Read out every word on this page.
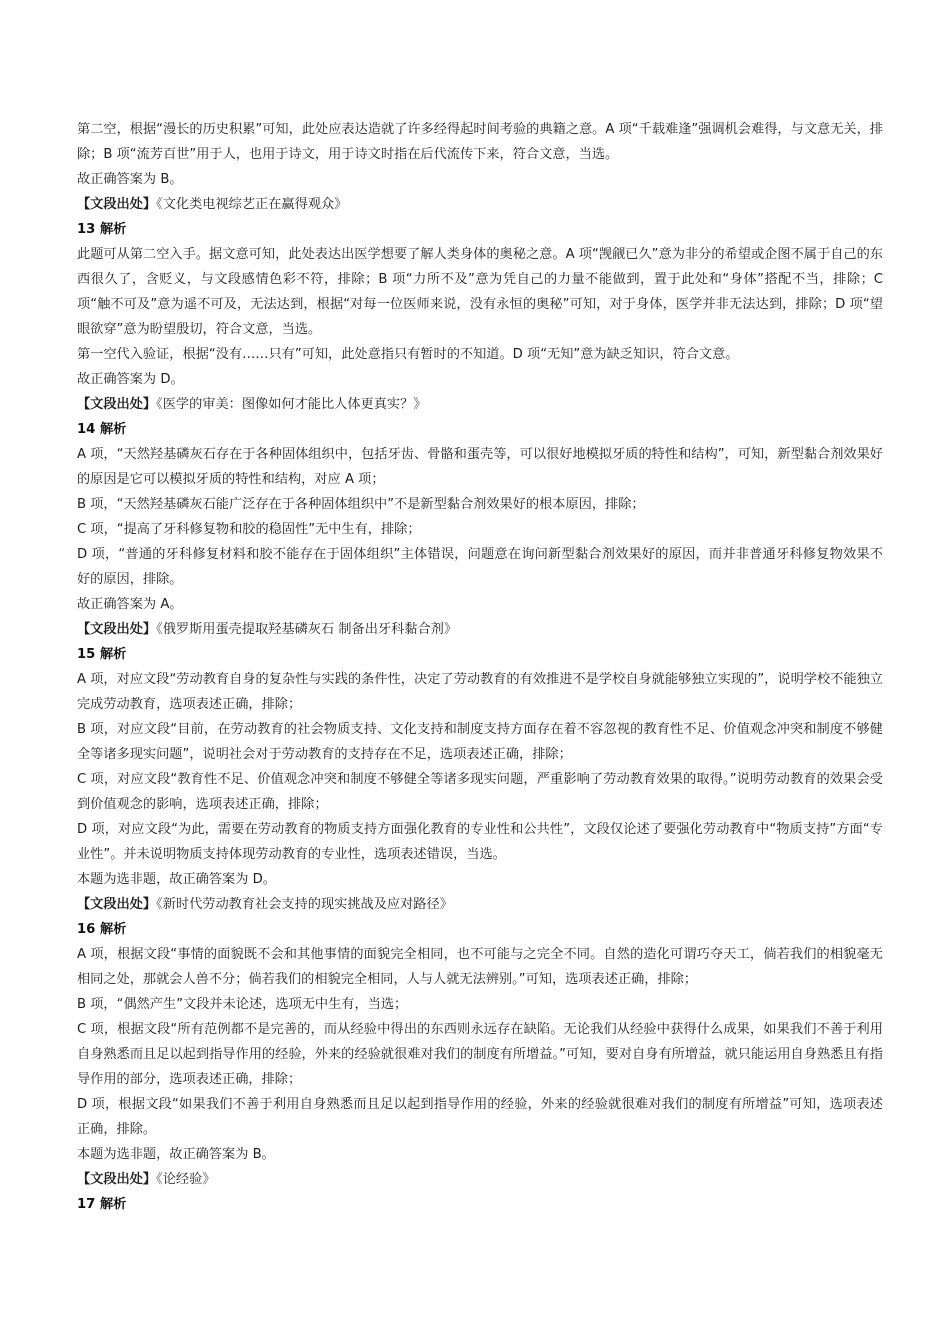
第二空，根据“漫长的历史积累”可知，此处应表达造就了许多经得起时间考验的典籍之意。A 项“千载难逢”强调机会难得，与文意无关，排除；B 项“流芳百世”用于人，也用于诗文，用于诗文时指在后代流传下来，符合文意，当选。

故正确答案为 B。

【文段出处】《文化类电视综艺正在赢得观众》

13 解析

此题可从第二空入手。据文意可知，此处表达出医学想要了解人类身体的奥秘之意。A 项“觊觎已久”意为非分的希望或企图不属于自己的东西很久了，含贬义，与文段感情色彩不符，排除；B 项“力所不及”意为凭自己的力量不能做到，置于此处和“身体”搭配不当，排除；C 项“触不可及”意为遥不可及，无法达到，根据“对每一位医师来说，没有永恒的奥秘”可知，对于身体，医学并非无法达到，排除；D 项“望眼欲穿”意为盼望殷切，符合文意，当选。

第一空代入验证，根据“没有……只有”可知，此处意指只有暂时的不知道。D 项“无知”意为缺乏知识，符合文意。

故正确答案为 D。

【文段出处】《医学的审美：图像如何才能比人体更真实？》

14 解析

A 项，“天然羟基磷灰石存在于各种固体组织中，包括牙齿、骨骼和蛋壳等，可以很好地模拟牙质的特性和结构”，可知，新型黏合剂效果好的原因是它可以模拟牙质的特性和结构，对应 A 项；

B 项，“天然羟基磷灰石能广泛存在于各种固体组织中”不是新型黏合剂效果好的根本原因，排除；

C 项，“提高了牙科修复物和胶的稳固性”无中生有，排除；

D 项，“普通的牙科修复材料和胶不能存在于固体组织”主体错误，问题意在询问新型黏合剂效果好的原因，而并非普通牙科修复物效果不好的原因，排除。

故正确答案为 A。

【文段出处】《俄罗斯用蛋壳提取羟基磷灰石 制备出牙科黏合剂》

15 解析

A 项，对应文段“劳动教育自身的复杂性与实践的条件性，决定了劳动教育的有效推进不是学校自身就能够独立实现的”，说明学校不能独立完成劳动教育，选项表述正确，排除；

B 项，对应文段“目前，在劳动教育的社会物质支持、文化支持和制度支持方面存在着不容忽视的教育性不足、价值观念冲突和制度不够健全等诸多现实问题”，说明社会对于劳动教育的支持存在不足，选项表述正确，排除；

C 项，对应文段“教育性不足、价值观念冲突和制度不够健全等诸多现实问题，严重影响了劳动教育效果的取得。”说明劳动教育的效果会受到价值观念的影响，选项表述正确，排除；

D 项，对应文段“为此，需要在劳动教育的物质支持方面强化教育的专业性和公共性”，文段仅论述了要强化劳动教育中“物质支持”方面“专业性”。并未说明物质支持体现劳动教育的专业性，选项表述错误，当选。

本题为选非题，故正确答案为 D。

【文段出处】《新时代劳动教育社会支持的现实挑战及应对路径》

16 解析

A 项，根据文段“事情的面貌既不会和其他事情的面貌完全相同，也不可能与之完全不同。自然的造化可谓巧夺天工，倘若我们的相貌毫无相同之处，那就会人兽不分；倘若我们的相貌完全相同，人与人就无法辨别。”可知，选项表述正确，排除；

B 项，“偶然产生”文段并未论述，选项无中生有，当选；

C 项，根据文段“所有范例都不是完善的，而从经验中得出的东西则永远存在缺陷。无论我们从经验中获得什么成果，如果我们不善于利用自身熟悉而且足以起到指导作用的经验，外来的经验就很难对我们的制度有所增益。”可知，要对自身有所增益，就只能运用自身熟悉且有指导作用的部分，选项表述正确，排除；

D 项，根据文段“如果我们不善于利用自身熟悉而且足以起到指导作用的经验，外来的经验就很难对我们的制度有所增益”可知，选项表述正确，排除。

本题为选非题，故正确答案为 B。

【文段出处】《论经验》

17 解析
